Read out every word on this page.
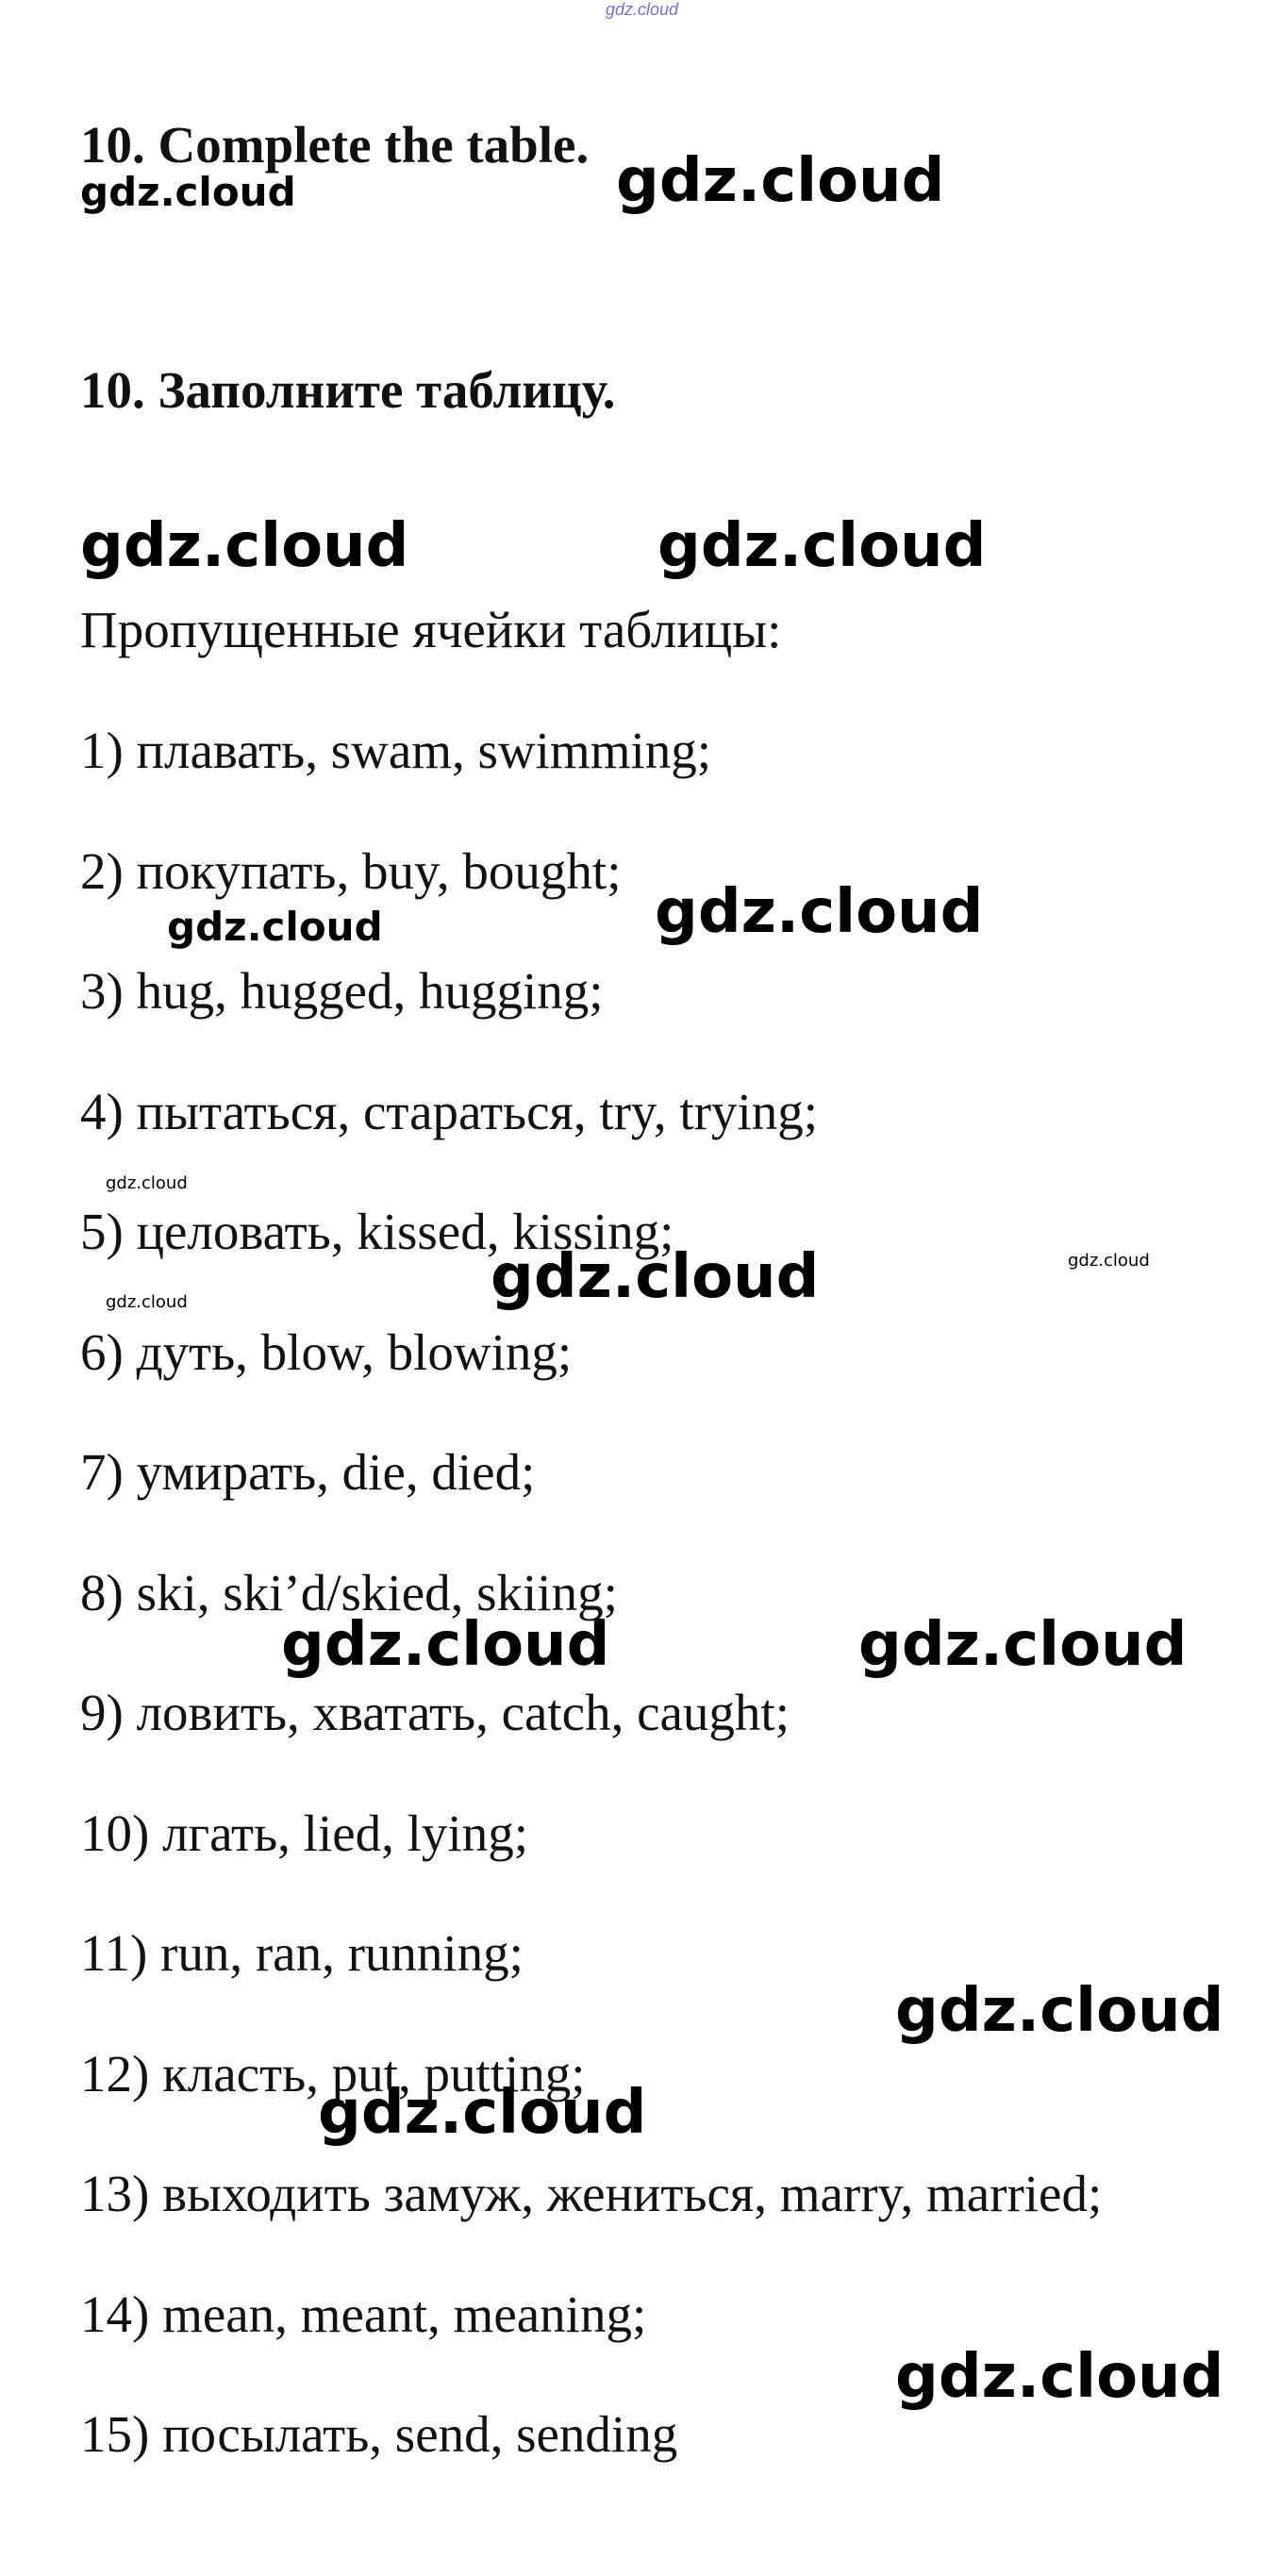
gdz.cloud
10. Complete the table.
10. Заполните таблицу.
Пропущенные ячейки таблицы:
1) плавать, swam, swimming;
2) покупать, buy, bought;
3) hug, hugged, hugging;
4) пытаться, стараться, try, trying;
5) целовать, kissed, kissing;
6) дуть, blow, blowing;
7) умирать, die, died;
8) ski, ski’d/skied, skiing;
9) ловить, хватать, catch, caught;
10) лгать, lied, lying;
11) run, ran, running;
12) класть, put, putting;
13) выходить замуж, жениться, marry, married;
14) mean, meant, meaning;
15) посылать, send, sending
gdz.cloud
gdz.cloud
gdz.cloud	gdz.cloud
gdz.cloud	gdz.cloud
gdz.cloud
gdz.cloud	gdz.cloud
gdz.cloud
gdz.cloud	gdz.cloud
gdz.cloud
gdz.cloud
gdz.cloud
